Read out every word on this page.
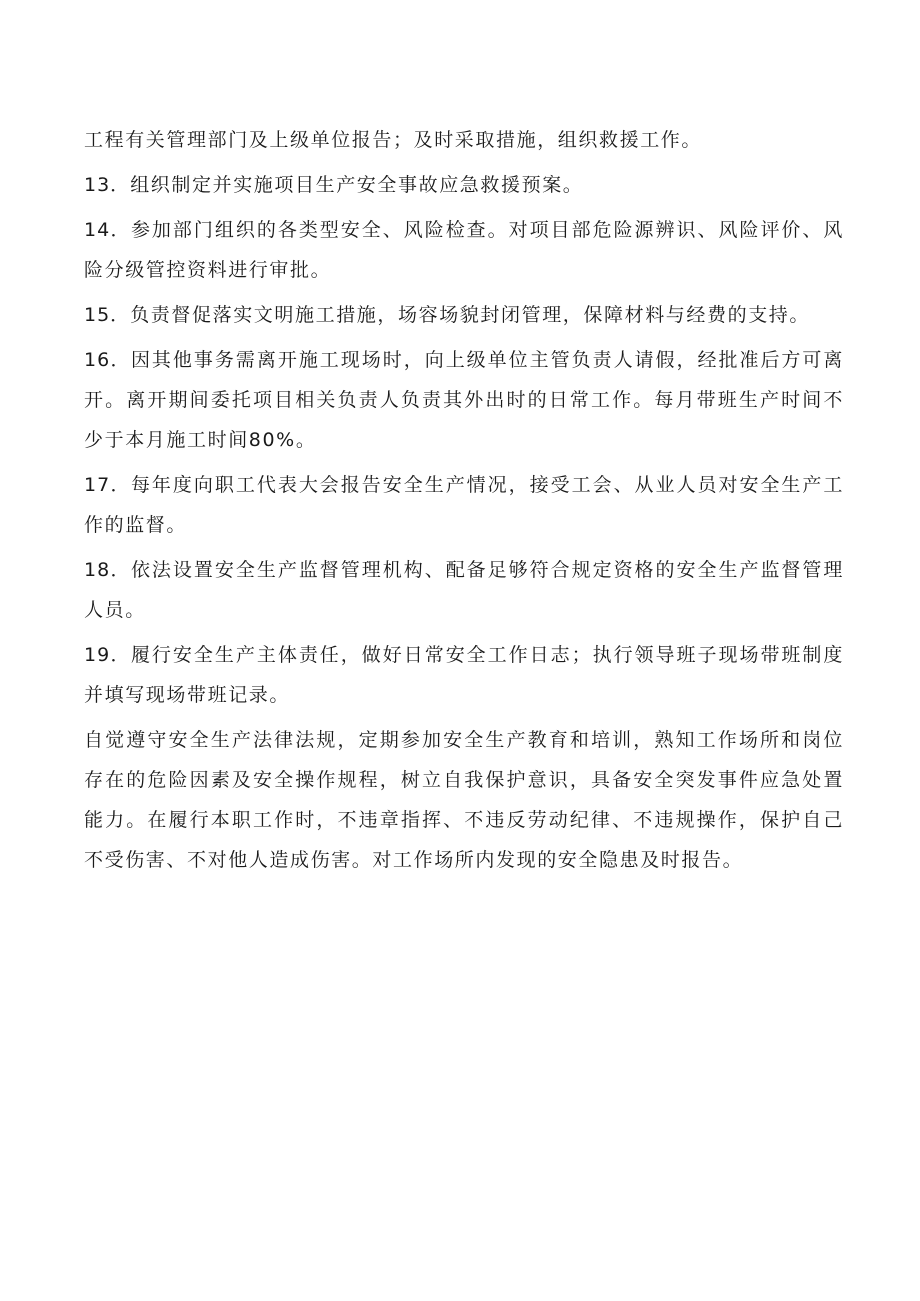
工程有关管理部门及上级单位报告；及时采取措施，组织救援工作。

13．组织制定并实施项目生产安全事故应急救援预案。

14．参加部门组织的各类型安全、风险检查。对项目部危险源辨识、风险评价、风险分级管控资料进行审批。

15．负责督促落实文明施工措施，场容场貌封闭管理，保障材料与经费的支持。

16．因其他事务需离开施工现场时，向上级单位主管负责人请假，经批准后方可离开。离开期间委托项目相关负责人负责其外出时的日常工作。每月带班生产时间不少于本月施工时间80%。

17．每年度向职工代表大会报告安全生产情况，接受工会、从业人员对安全生产工作的监督。

18．依法设置安全生产监督管理机构、配备足够符合规定资格的安全生产监督管理人员。

19．履行安全生产主体责任，做好日常安全工作日志；执行领导班子现场带班制度并填写现场带班记录。

自觉遵守安全生产法律法规，定期参加安全生产教育和培训，熟知工作场所和岗位存在的危险因素及安全操作规程，树立自我保护意识，具备安全突发事件应急处置能力。在履行本职工作时，不违章指挥、不违反劳动纪律、不违规操作，保护自己不受伤害、不对他人造成伤害。对工作场所内发现的安全隐患及时报告。
